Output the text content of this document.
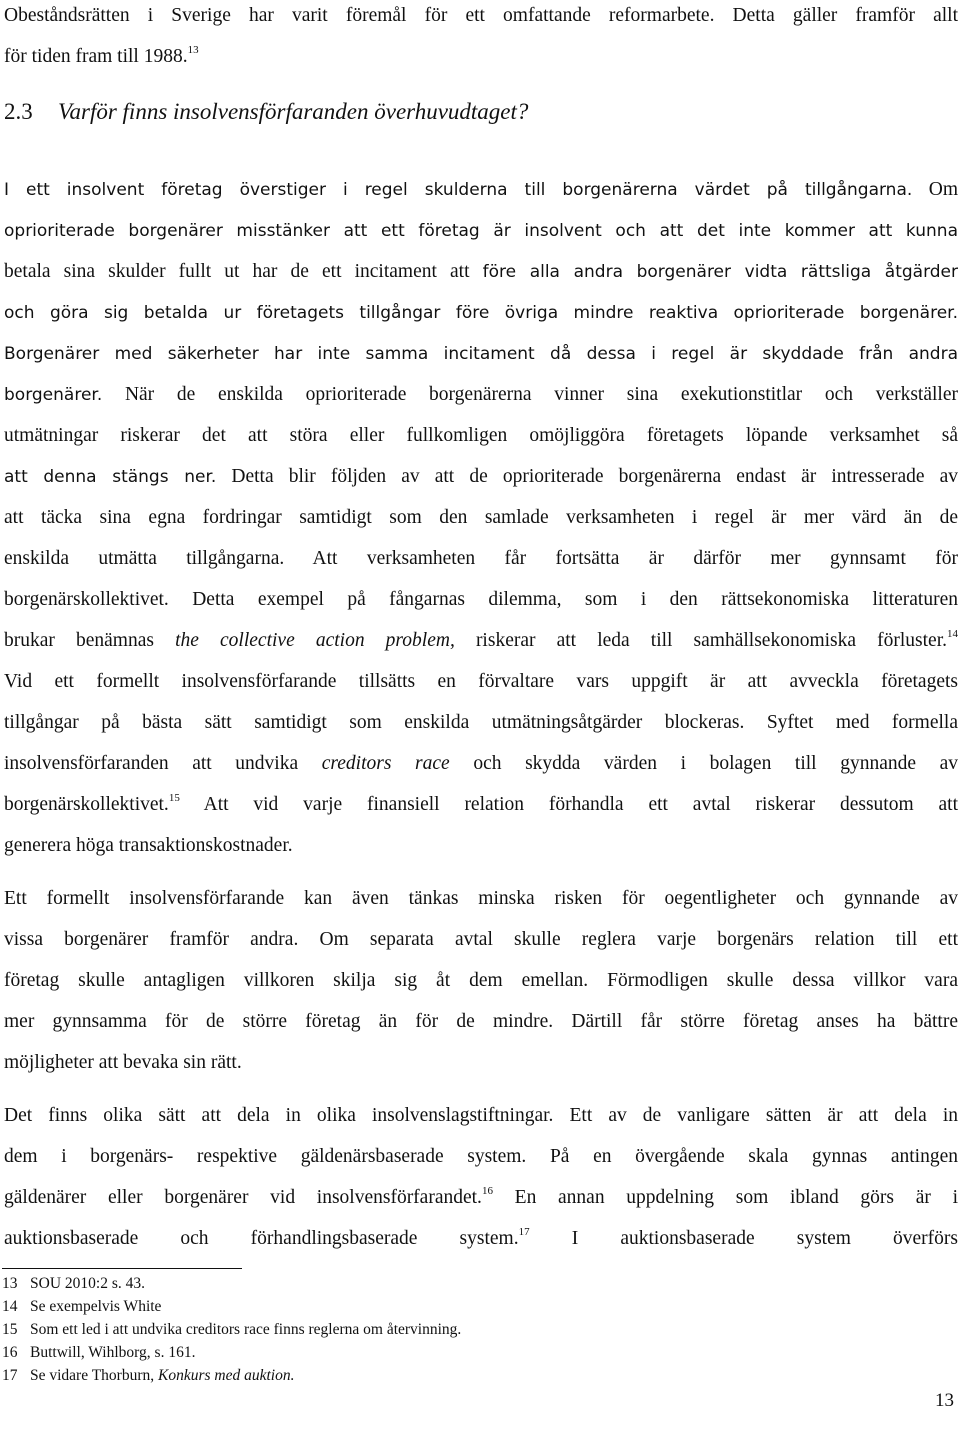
Obeståndsrätten i Sverige har varit föremål för ett omfattande reformarbete. Detta gäller framför allt
för tiden fram till 1988.13
2.3 Varför finns insolvensförfaranden överhuvudtaget?
I ett insolvent företag överstiger i regel skulderna till borgenärerna värdet på tillgångarna. Om
oprioriterade borgenärer misstänker att ett företag är insolvent och att det inte kommer att kunna
betala sina skulder fullt ut har de ett incitament att före alla andra borgenärer vidta rättsliga åtgärder
och göra sig betalda ur företagets tillgångar före övriga mindre reaktiva oprioriterade borgenärer.
Borgenärer med säkerheter har inte samma incitament då dessa i regel är skyddade från andra
borgenärer. När de enskilda oprioriterade borgenärerna vinner sina exekutionstitlar och verkställer
utmätningar riskerar det att störa eller fullkomligen omöjliggöra företagets löpande verksamhet så
att denna stängs ner. Detta blir följden av att de oprioriterade borgenärerna endast är intresserade av
att täcka sina egna fordringar samtidigt som den samlade verksamheten i regel är mer värd än de
enskilda utmätta tillgångarna. Att verksamheten får fortsätta är därför mer gynnsamt för
borgenärskollektivet. Detta exempel på fångarnas dilemma, som i den rättsekonomiska litteraturen
brukar benämnas the collective action problem, riskerar att leda till samhällsekonomiska förluster.$^{14}$
Vid ett formellt insolvensförfarande tillsätts en förvaltare vars uppgift är att avveckla företagets
tillgångar på bästa sätt samtidigt som enskilda utmätningsåtgärder blockeras. Syftet med formella
insolvensförfaranden att undvika creditors race och skydda värden i bolagen till gynnande av
borgenärskollektivet.$^{15}$ Att vid varje finansiell relation förhandla ett avtal riskerar dessutom att
generera höga transaktionskostnader.
Ett formellt insolvensförfarande kan även tänkas minska risken för oegentligheter och gynnande av
vissa borgenärer framför andra. Om separata avtal skulle reglera varje borgenärs relation till ett
företag skulle antagligen villkoren skilja sig åt dem emellan. Förmodligen skulle dessa villkor vara
mer gynnsamma för de större företag än för de mindre. Därtill får större företag anses ha bättre
möjligheter att bevaka sin rätt.
Det finns olika sätt att dela in olika insolvenslagstiftningar. Ett av de vanligare sätten är att dela in
dem i borgenärs- respektive gäldenärsbaserade system. På en övergående skala gynnas antingen
gäldenärer eller borgenärer vid insolvensförfarandet.$^{16}$ En annan uppdelning som ibland görs är i
auktionsbaserade och förhandlingsbaserade system.$^{17}$ I auktionsbaserade system överförs
13 SOU 2010:2 s. 43.
14 Se exempelvis White
15 Som ett led i att undvika creditors race finns reglerna om återvinning.
16 Buttwill, Wihlborg, s. 161.
17 Se vidare Thorburn, Konkurs med auktion.
13
